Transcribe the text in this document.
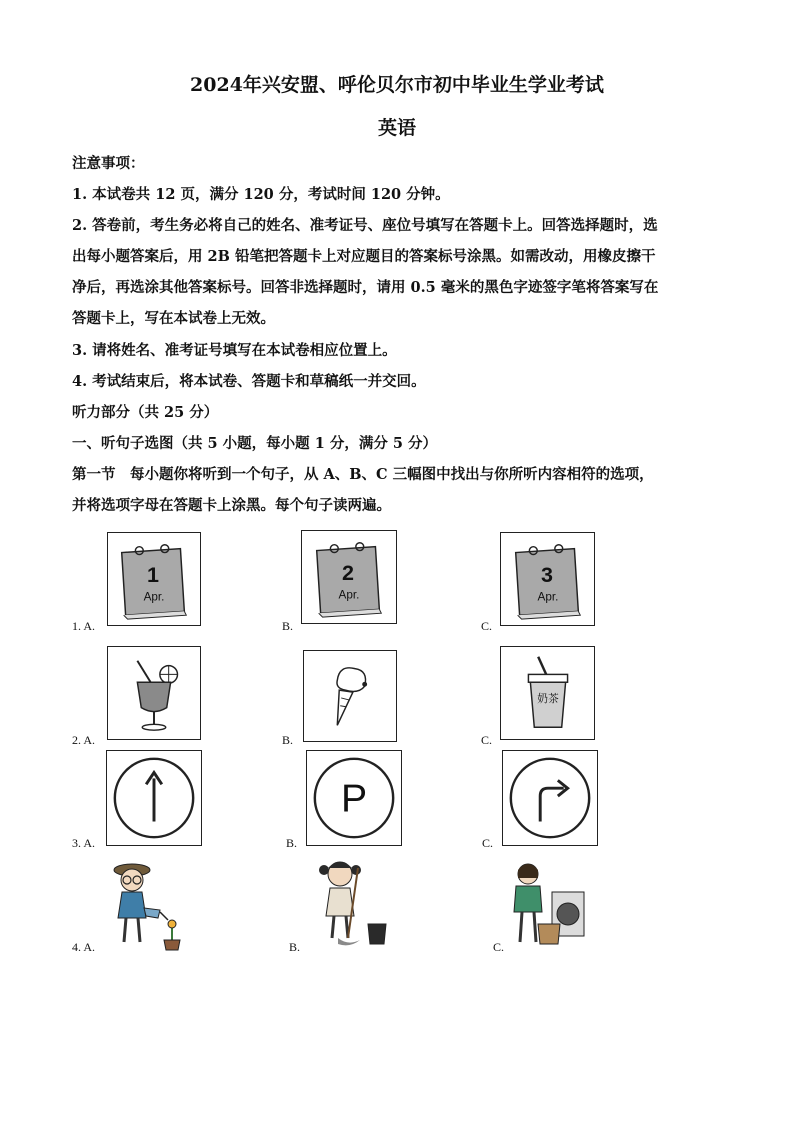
2024年兴安盟、呼伦贝尔市初中毕业生学业考试
英语
注意事项：
1. 本试卷共 12 页，满分 120 分，考试时间 120 分钟。
2. 答卷前，考生务必将自己的姓名、准考证号、座位号填写在答题卡上。回答选择题时，选
出每小题答案后，用 2B 铅笔把答题卡上对应题目的答案标号涂黑。如需改动，用橡皮擦干
净后，再选涂其他答案标号。回答非选择题时，请用 0.5 毫米的黑色字迹签字笔将答案写在
答题卡上，写在本试卷上无效。
3. 请将姓名、准考证号填写在本试卷相应位置上。
4. 考试结束后，将本试卷、答题卡和草稿纸一并交回。
听力部分（共 25 分）
一、听句子选图（共 5 小题，每小题 1 分，满分 5 分）
第一节　每小题你将听到一个句子，从 A、B、C 三幅图中找出与你所听内容相符的选项，
并将选项字母在答题卡上涂黑。每个句子读两遍。
1
Apr.
1. A.
2
Apr.
B.
3
Apr.
C.
2. A.	B.
奶茶
C.
3. A.
P
B.	C.
4. A.	B.	C.
